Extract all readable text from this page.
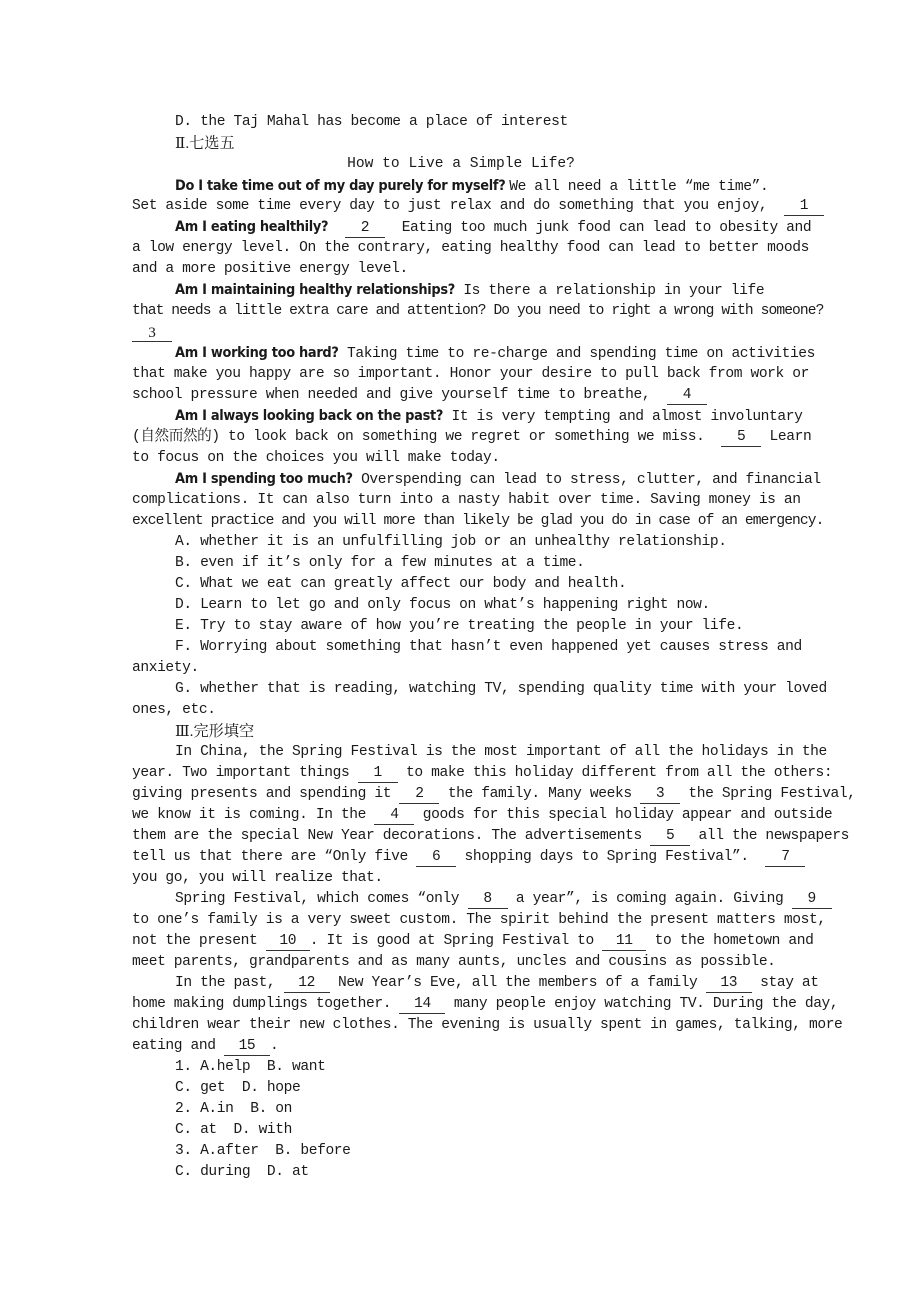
D. the Taj Mahal has become a place of interest
Ⅱ.七选五
How to Live a Simple Life?
Do I take time out of my day purely for myself? We all need a little “me time”.
Set aside some time every day to just relax and do something that you enjoy, 1
Am I eating healthily? 2 Eating too much junk food can lead to obesity and
a low energy level. On the contrary, eating healthy food can lead to better moods
and a more positive energy level.
Am I maintaining healthy relationships? Is there a relationship in your life
that needs a little extra care and attention? Do you need to right a wrong with someone?
3
Am I working too hard? Taking time to re-charge and spending time on activities
that make you happy are so important. Honor your desire to pull back from work or
school pressure when needed and give yourself time to breathe, 4
Am I always looking back on the past? It is very tempting and almost involuntary
(自然而然的) to look back on something we regret or something we miss. 5 Learn
to focus on the choices you will make today.
Am I spending too much? Overspending can lead to stress, clutter, and financial
complications. It can also turn into a nasty habit over time. Saving money is an
excellent practice and you will more than likely be glad you do in case of an emergency.
A. whether it is an unfulfilling job or an unhealthy relationship.
B. even if it’s only for a few minutes at a time.
C. What we eat can greatly affect our body and health.
D. Learn to let go and only focus on what’s happening right now.
E. Try to stay aware of how you’re treating the people in your life.
F. Worrying about something that hasn’t even happened yet causes stress and
anxiety.
G. whether that is reading, watching TV, spending quality time with your loved
ones, etc.
Ⅲ.完形填空
In China, the Spring Festival is the most important of all the holidays in the
year. Two important things 1 to make this holiday different from all the others:
giving presents and spending it 2 the family. Many weeks 3 the Spring Festival,
we know it is coming. In the 4 goods for this special holiday appear and outside
them are the special New Year decorations. The advertisements 5 all the newspapers
tell us that there are “Only five 6 shopping days to Spring Festival”. 7
you go, you will realize that.
Spring Festival, which comes “only 8 a year”, is coming again. Giving 9
to one’s family is a very sweet custom. The spirit behind the present matters most,
not the present 10 . It is good at Spring Festival to 11 to the hometown and
meet parents, grandparents and as many aunts, uncles and cousins as possible.
In the past, 12 New Year’s Eve, all the members of a family 13 stay at
home making dumplings together. 14 many people enjoy watching TV. During the day,
children wear their new clothes. The evening is usually spent in games, talking, more
eating and 15 .
1. A.help  B. want
C. get  D. hope
2. A.in  B. on
C. at  D. with
3. A.after  B. before
C. during  D. at
